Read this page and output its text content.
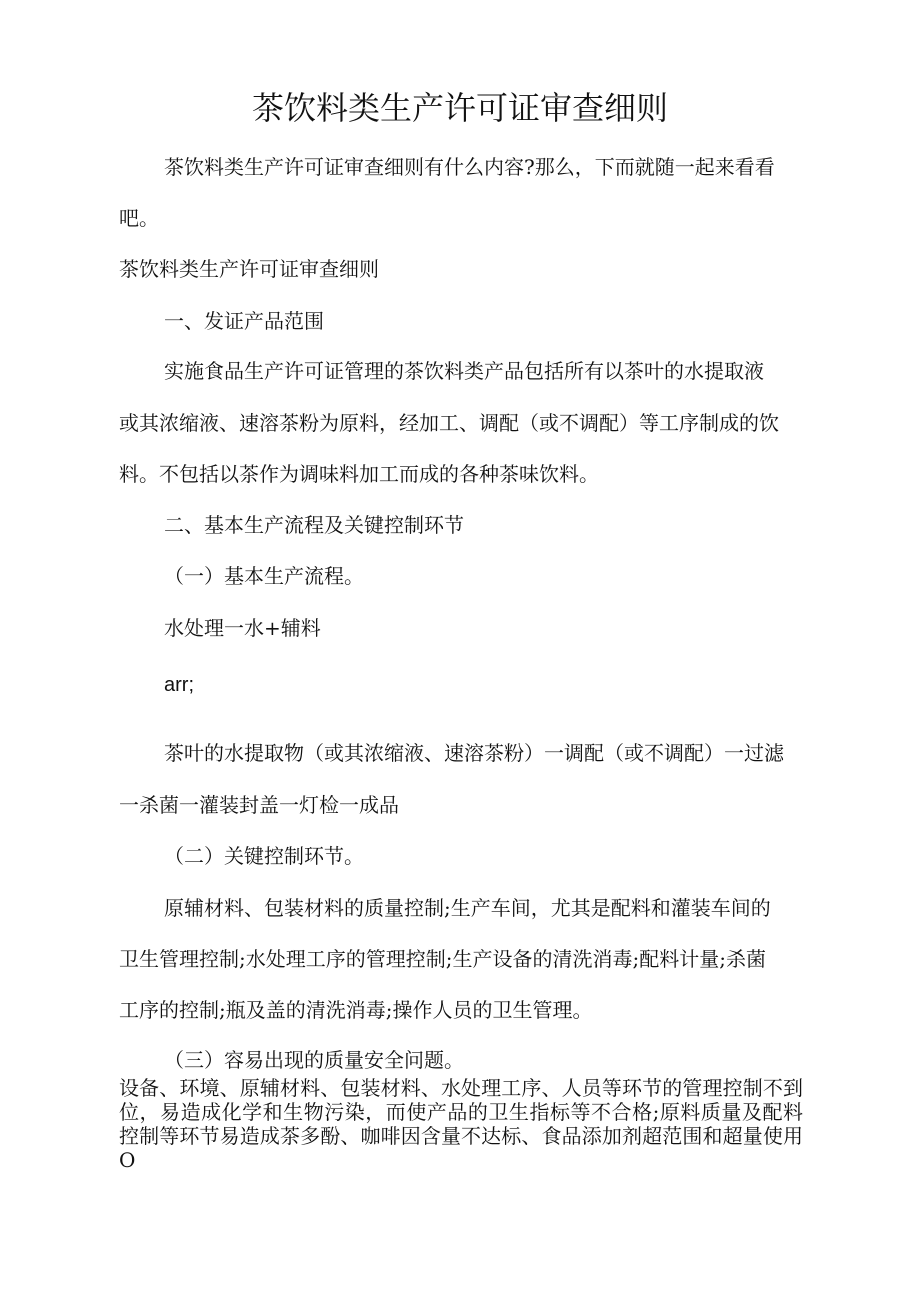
茶饮料类生产许可证审查细则

茶饮料类生产许可证审查细则有什么内容?那么，下而就随一起来看看

吧。

茶饮料类生产许可证审查细则

一、发证产品范围

实施食品生产许可证管理的茶饮料类产品包括所有以茶叶的水提取液

或其浓缩液、速溶茶粉为原料，经加工、调配（或不调配）等工序制成的饮

料。不包括以茶作为调味料加工而成的各种茶味饮料。

二、基本生产流程及关键控制环节

（一）基本生产流程。

水处理一水+辅料

arr;

茶叶的水提取物（或其浓缩液、速溶茶粉）一调配（或不调配）一过滤

一杀菌一灌装封盖一灯检一成品

（二）关键控制环节。

原辅材料、包装材料的质量控制;生产车间，尤其是配料和灌装车间的

卫生管理控制;水处理工序的管理控制;生产设备的清洗消毒;配料计量;杀菌

工序的控制;瓶及盖的清洗消毒;操作人员的卫生管理。

（三）容易出现的质量安全问题。

设备、环境、原辅材料、包装材料、水处理工序、人员等环节的管理控制不到位，易造成化学和生物污染，而使产品的卫生指标等不合格;原料质量及配料控制等环节易造成茶多酚、咖啡因含量不达标、食品添加剂超范围和超量使用O
